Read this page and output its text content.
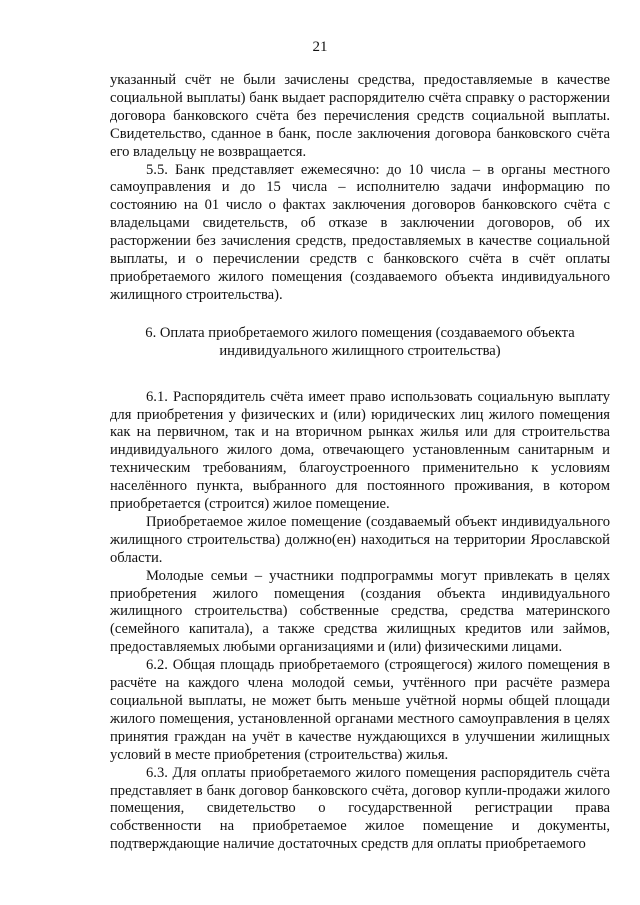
21

указанный счёт не были зачислены средства, предоставляемые в качестве социальной выплаты) банк выдает распорядителю счёта справку о расторжении договора банковского счёта без перечисления средств социальной выплаты. Свидетельство, сданное в банк, после заключения договора банковского счёта его владельцу не возвращается.

5.5. Банк представляет ежемесячно: до 10 числа – в органы местного самоуправления и до 15 числа – исполнителю задачи информацию по состоянию на 01 число о фактах заключения договоров банковского счёта с владельцами свидетельств, об отказе в заключении договоров, об их расторжении без зачисления средств, предоставляемых в качестве социальной выплаты, и о перечислении средств с банковского счёта в счёт оплаты приобретаемого жилого помещения (создаваемого объекта индивидуального жилищного строительства).

6. Оплата приобретаемого жилого помещения (создаваемого объекта индивидуального жилищного строительства)

6.1. Распорядитель счёта имеет право использовать социальную выплату для приобретения у физических и (или) юридических лиц жилого помещения как на первичном, так и на вторичном рынках жилья или для строительства индивидуального жилого дома, отвечающего установленным санитарным и техническим требованиям, благоустроенного применительно к условиям населённого пункта, выбранного для постоянного проживания, в котором приобретается (строится) жилое помещение.

Приобретаемое жилое помещение (создаваемый объект индивидуального жилищного строительства) должно(ен) находиться на территории Ярославской области.

Молодые семьи – участники подпрограммы могут привлекать в целях приобретения жилого помещения (создания объекта индивидуального жилищного строительства) собственные средства, средства материнского (семейного капитала), а также средства жилищных кредитов или займов, предоставляемых любыми организациями и (или) физическими лицами.

6.2. Общая площадь приобретаемого (строящегося) жилого помещения в расчёте на каждого члена молодой семьи, учтённого при расчёте размера социальной выплаты, не может быть меньше учётной нормы общей площади жилого помещения, установленной органами местного самоуправления в целях принятия граждан на учёт в качестве нуждающихся в улучшении жилищных условий в месте приобретения (строительства) жилья.

6.3. Для оплаты приобретаемого жилого помещения распорядитель счёта представляет в банк договор банковского счёта, договор купли-продажи жилого помещения, свидетельство о государственной регистрации права собственности на приобретаемое жилое помещение и документы, подтверждающие наличие достаточных средств для оплаты приобретаемого
